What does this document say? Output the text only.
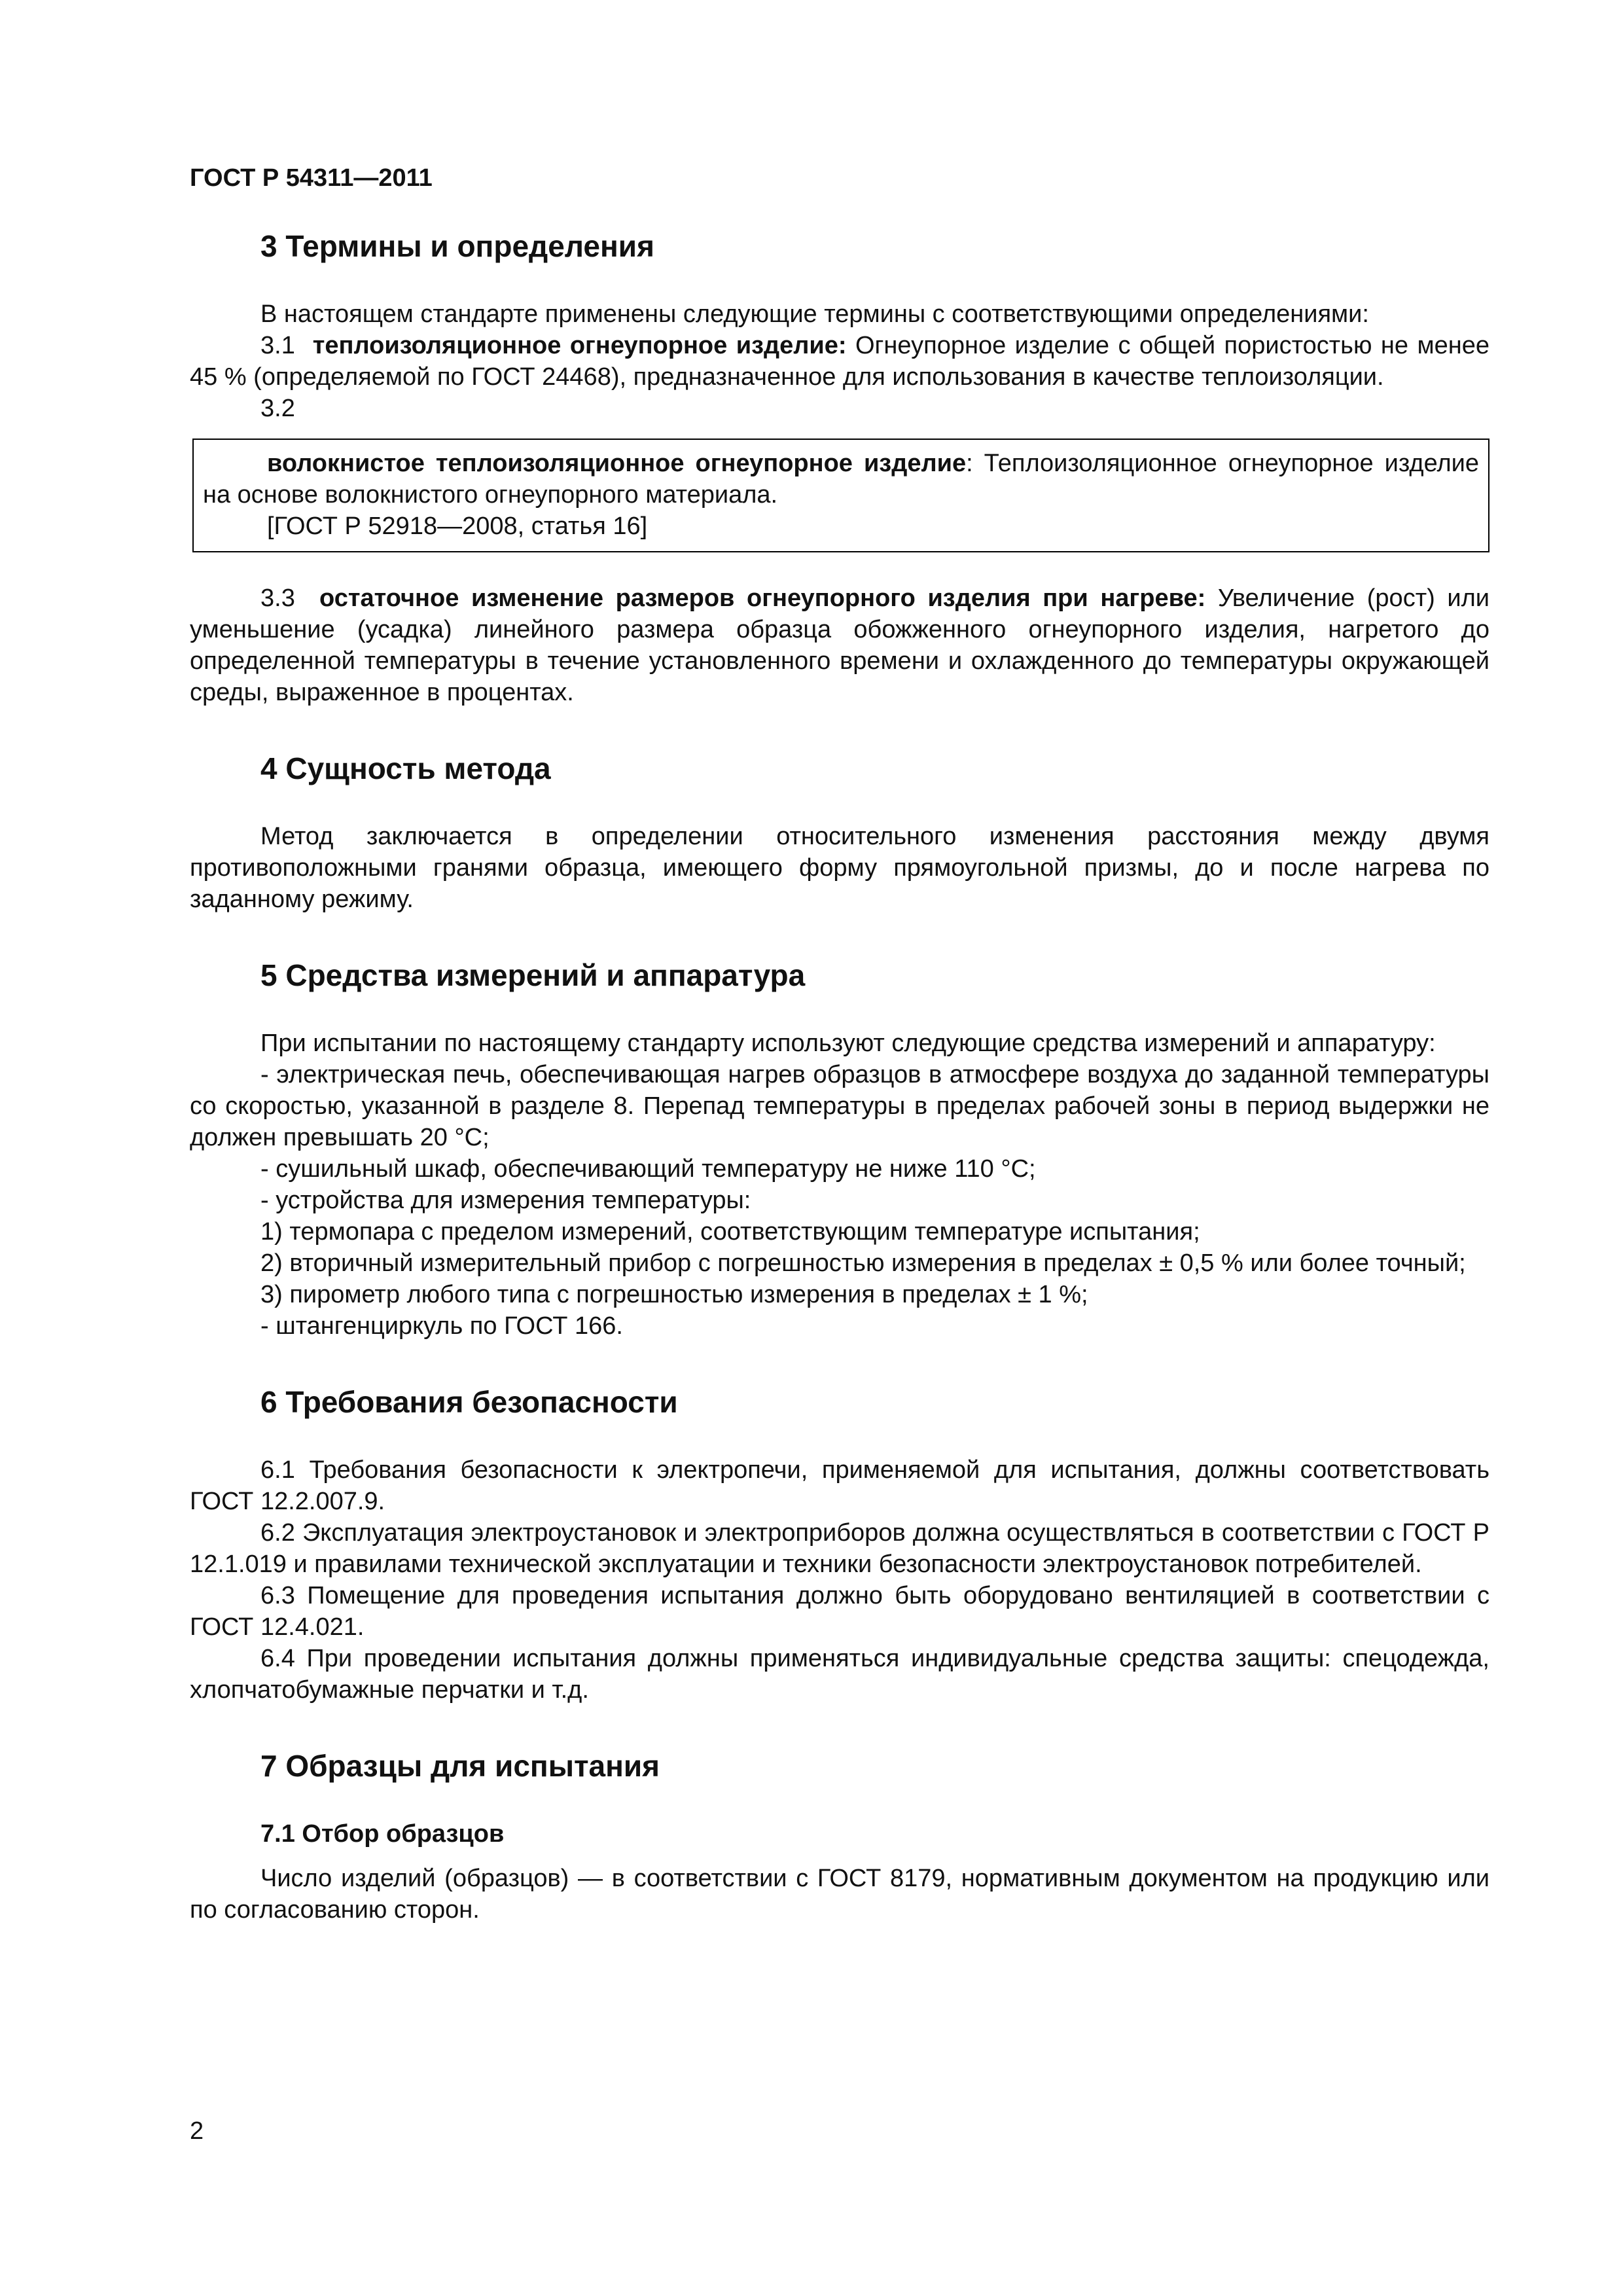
ГОСТ Р 54311—2011
3 Термины и определения

В настоящем стандарте применены следующие термины с соответствующими определениями:

3.1 теплоизоляционное огнеупорное изделие: Огнеупорное изделие с общей пористостью не менее 45 % (определяемой по ГОСТ 24468), предназначенное для использования в качестве теплоизоляции.

3.2

волокнистое теплоизоляционное огнеупорное изделие: Теплоизоляционное огнеупорное изделие на основе волокнистого огнеупорного материала.

[ГОСТ Р 52918—2008, статья 16]

3.3 остаточное изменение размеров огнеупорного изделия при нагреве: Увеличение (рост) или уменьшение (усадка) линейного размера образца обожженного огнеупорного изделия, нагретого до определенной температуры в течение установленного времени и охлажденного до температуры окружающей среды, выраженное в процентах.

4 Сущность метода

Метод заключается в определении относительного изменения расстояния между двумя противоположными гранями образца, имеющего форму прямоугольной призмы, до и после нагрева по заданному режиму.

5 Средства измерений и аппаратура

При испытании по настоящему стандарту используют следующие средства измерений и аппаратуру:

- электрическая печь, обеспечивающая нагрев образцов в атмосфере воздуха до заданной температуры со скоростью, указанной в разделе 8. Перепад температуры в пределах рабочей зоны в период выдержки не должен превышать 20 °С;

- сушильный шкаф, обеспечивающий температуру не ниже 110 °С;

- устройства для измерения температуры:

1) термопара с пределом измерений, соответствующим температуре испытания;

2) вторичный измерительный прибор с погрешностью измерения в пределах ± 0,5 % или более точный;

3) пирометр любого типа с погрешностью измерения в пределах ± 1 %;

- штангенциркуль по ГОСТ 166.

6 Требования безопасности

6.1 Требования безопасности к электропечи, применяемой для испытания, должны соответствовать ГОСТ 12.2.007.9.

6.2 Эксплуатация электроустановок и электроприборов должна осуществляться в соответствии с ГОСТ Р 12.1.019 и правилами технической эксплуатации и техники безопасности электроустановок потребителей.

6.3 Помещение для проведения испытания должно быть оборудовано вентиляцией в соответствии с ГОСТ 12.4.021.

6.4 При проведении испытания должны применяться индивидуальные средства защиты: спецодежда, хлопчатобумажные перчатки и т.д.

7 Образцы для испытания
7.1 Отбор образцов

Число изделий (образцов) — в соответствии с ГОСТ 8179, нормативным документом на продукцию или по согласованию сторон.

2
